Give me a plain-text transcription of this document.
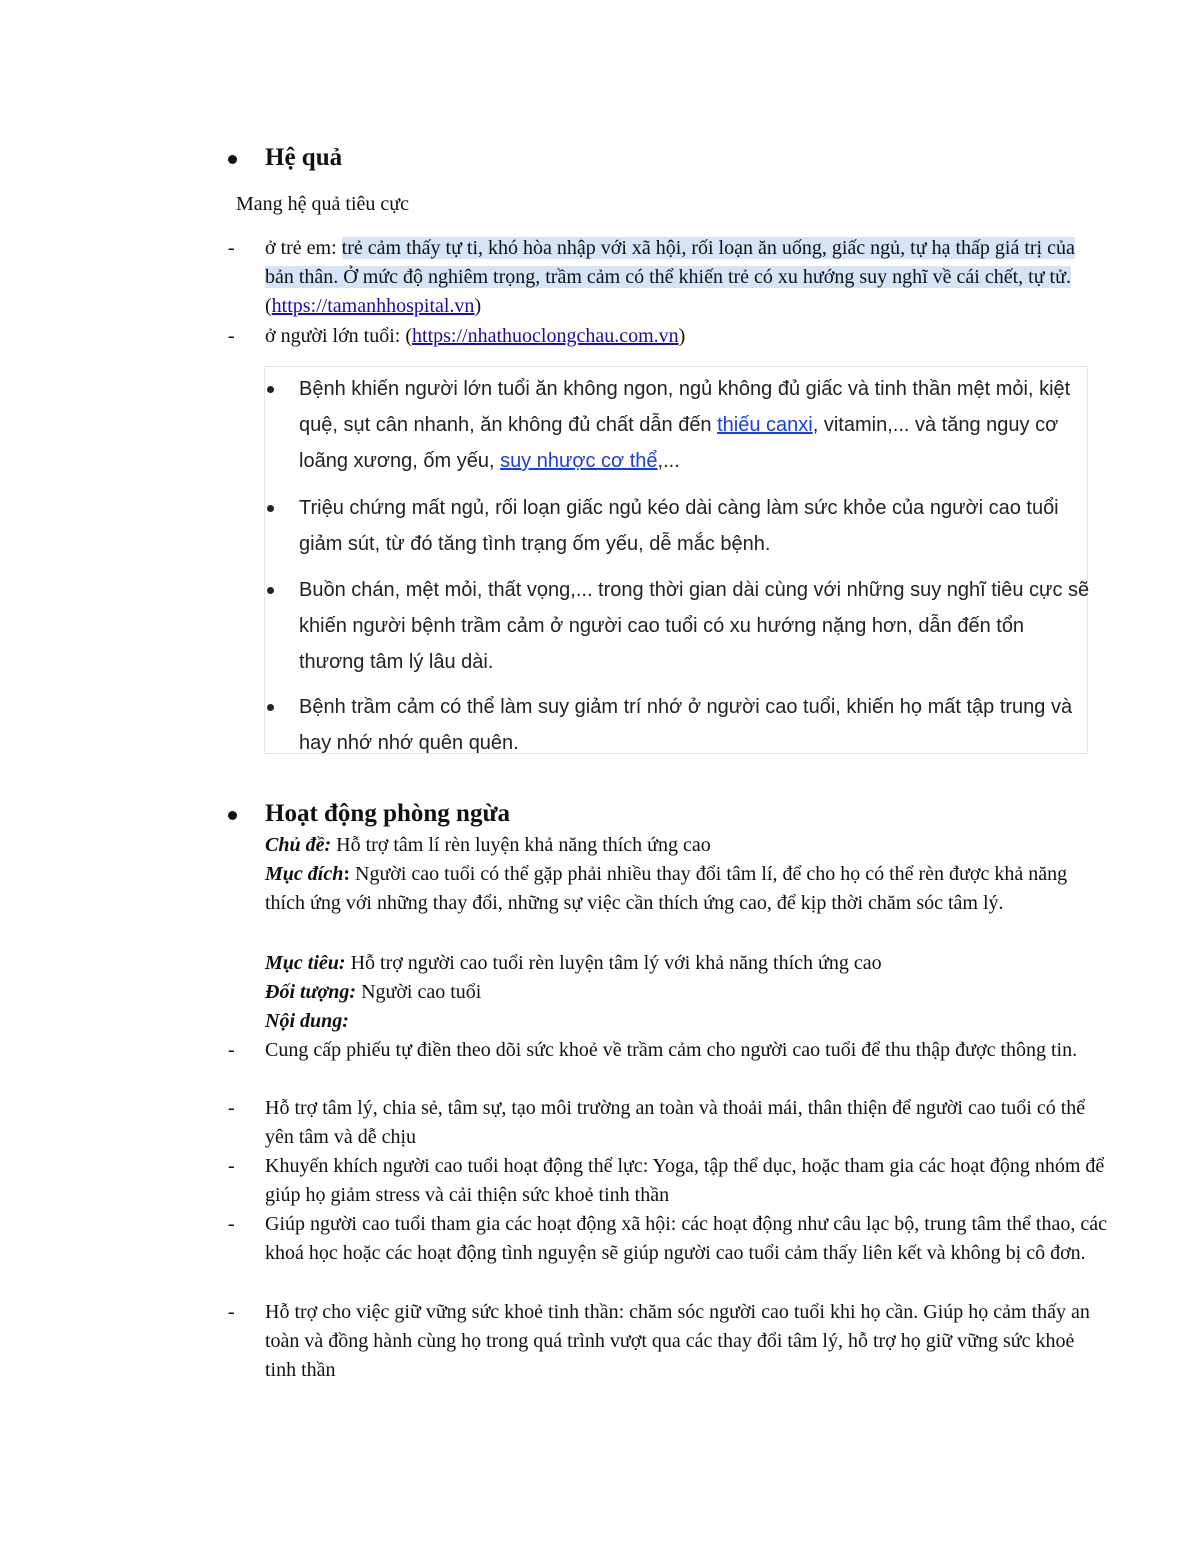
Hệ quả
Mang hệ quả tiêu cực
- ở trẻ em: trẻ cảm thấy tự ti, khó hòa nhập với xã hội, rối loạn ăn uống, giấc ngủ, tự hạ thấp giá trị của bản thân. Ở mức độ nghiêm trọng, trầm cảm có thể khiến trẻ có xu hướng suy nghĩ về cái chết, tự tử. (https://tamanhhospital.vn)
- ở người lớn tuổi: (https://nhathuoclongchau.com.vn)
Bệnh khiến người lớn tuổi ăn không ngon, ngủ không đủ giấc và tinh thần mệt mỏi, kiệt quệ, sụt cân nhanh, ăn không đủ chất dẫn đến thiếu canxi, vitamin,... và tăng nguy cơ loãng xương, ốm yếu, suy nhược cơ thể,...
Triệu chứng mất ngủ, rối loạn giấc ngủ kéo dài càng làm sức khỏe của người cao tuổi giảm sút, từ đó tăng tình trạng ốm yếu, dễ mắc bệnh.
Buồn chán, mệt mỏi, thất vọng,... trong thời gian dài cùng với những suy nghĩ tiêu cực sẽ khiến người bệnh trầm cảm ở người cao tuổi có xu hướng nặng hơn, dẫn đến tổn thương tâm lý lâu dài.
Bệnh trầm cảm có thể làm suy giảm trí nhớ ở người cao tuổi, khiến họ mất tập trung và hay nhớ nhớ quên quên.
Hoạt động phòng ngừa
Chủ đề: Hỗ trợ tâm lí rèn luyện khả năng thích ứng cao
Mục đích: Người cao tuổi có thể gặp phải nhiều thay đổi tâm lí, để cho họ có thể rèn được khả năng thích ứng với những thay đổi, những sự việc cần thích ứng cao, để kịp thời chăm sóc tâm lý.
Mục tiêu: Hỗ trợ người cao tuổi rèn luyện tâm lý với khả năng thích ứng cao
Đối tượng: Người cao tuổi
Nội dung:
- Cung cấp phiếu tự điền theo dõi sức khoẻ về trầm cảm cho người cao tuổi để thu thập được thông tin.
- Hỗ trợ tâm lý, chia sẻ, tâm sự, tạo môi trường an toàn và thoải mái, thân thiện để người cao tuổi có thể yên tâm và dễ chịu
- Khuyến khích người cao tuổi hoạt động thể lực: Yoga, tập thể dục, hoặc tham gia các hoạt động nhóm để giúp họ giảm stress và cải thiện sức khoẻ tinh thần
- Giúp người cao tuổi tham gia các hoạt động xã hội: các hoạt động như câu lạc bộ, trung tâm thể thao, các khoá học hoặc các hoạt động tình nguyện sẽ giúp người cao tuổi cảm thấy liên kết và không bị cô đơn.
- Hỗ trợ cho việc giữ vững sức khoẻ tinh thần: chăm sóc người cao tuổi khi họ cần. Giúp họ cảm thấy an toàn và đồng hành cùng họ trong quá trình vượt qua các thay đổi tâm lý, hỗ trợ họ giữ vững sức khoẻ tinh thần
